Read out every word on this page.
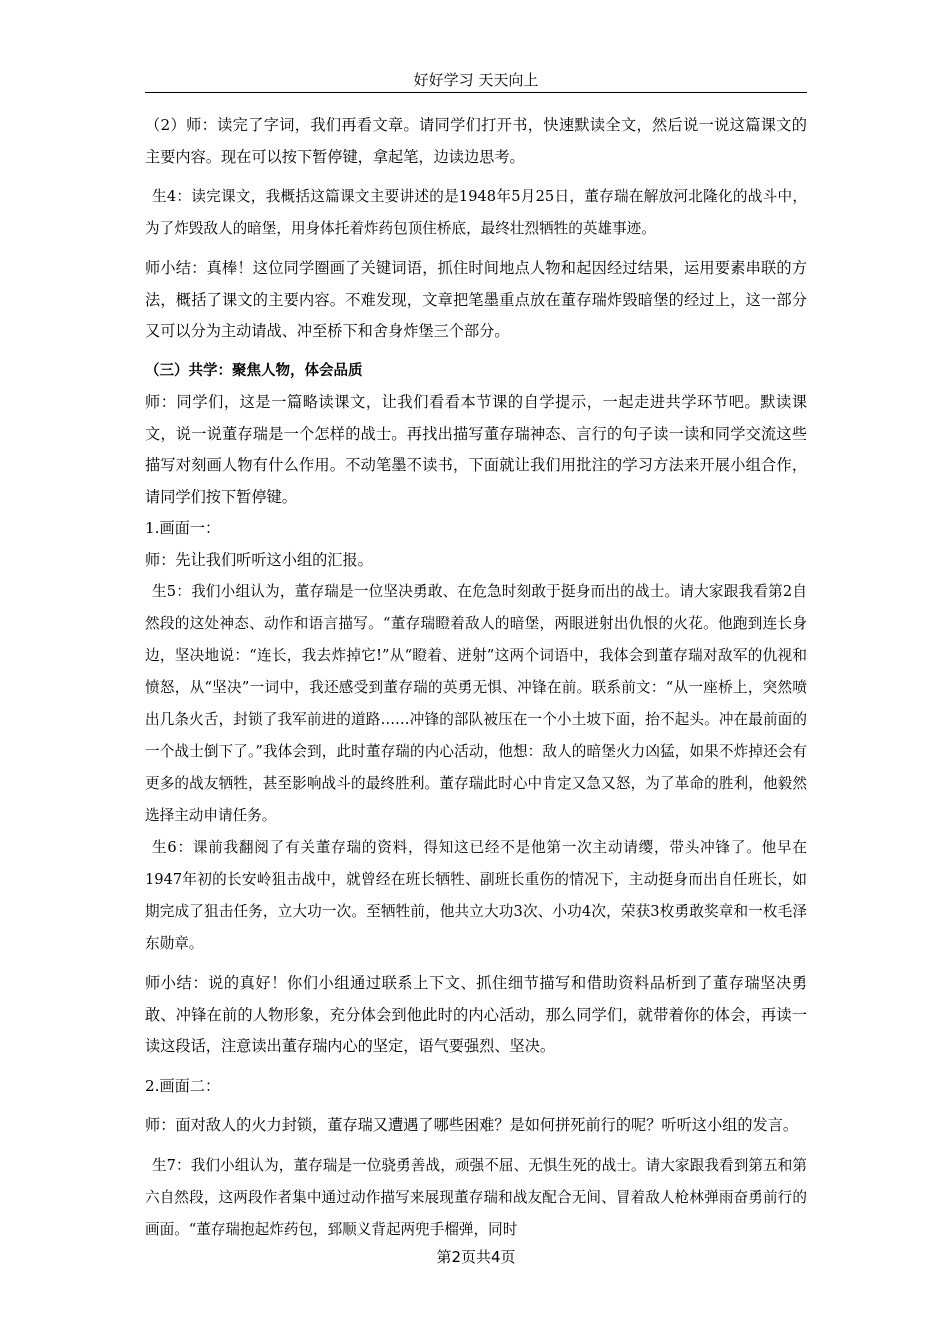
好好学习 天天向上

（2）师：读完了字词，我们再看文章。请同学们打开书，快速默读全文，然后说一说这篇课文的主要内容。现在可以按下暂停键，拿起笔，边读边思考。

生4：读完课文，我概括这篇课文主要讲述的是1948年5月25日，董存瑞在解放河北隆化的战斗中，为了炸毁敌人的暗堡，用身体托着炸药包顶住桥底，最终壮烈牺牲的英雄事迹。

师小结：真棒！这位同学圈画了关键词语，抓住时间地点人物和起因经过结果，运用要素串联的方法，概括了课文的主要内容。不难发现，文章把笔墨重点放在董存瑞炸毁暗堡的经过上，这一部分又可以分为主动请战、冲至桥下和舍身炸堡三个部分。

（三）共学：聚焦人物，体会品质

师：同学们，这是一篇略读课文，让我们看看本节课的自学提示，一起走进共学环节吧。默读课文，说一说董存瑞是一个怎样的战士。再找出描写董存瑞神态、言行的句子读一读和同学交流这些描写对刻画人物有什么作用。不动笔墨不读书，下面就让我们用批注的学习方法来开展小组合作，请同学们按下暂停键。

1.画面一：

师：先让我们听听这小组的汇报。

生5：我们小组认为，董存瑞是一位坚决勇敢、在危急时刻敢于挺身而出的战士。请大家跟我看第2自然段的这处神态、动作和语言描写。“董存瑞瞪着敌人的暗堡，两眼迸射出仇恨的火花。他跑到连长身边，坚决地说：“连长，我去炸掉它!”从“瞪着、迸射”这两个词语中，我体会到董存瑞对敌军的仇视和愤怒，从“坚决”一词中，我还感受到董存瑞的英勇无惧、冲锋在前。联系前文：“从一座桥上，突然喷出几条火舌，封锁了我军前进的道路……冲锋的部队被压在一个小土坡下面，抬不起头。冲在最前面的一个战士倒下了。”我体会到，此时董存瑞的内心活动，他想：敌人的暗堡火力凶猛，如果不炸掉还会有更多的战友牺牲，甚至影响战斗的最终胜利。董存瑞此时心中肯定又急又怒，为了革命的胜利，他毅然选择主动申请任务。

生6：课前我翻阅了有关董存瑞的资料，得知这已经不是他第一次主动请缨，带头冲锋了。他早在1947年初的长安岭狙击战中，就曾经在班长牺牲、副班长重伤的情况下，主动挺身而出自任班长，如期完成了狙击任务，立大功一次。至牺牲前，他共立大功3次、小功4次，荣获3枚勇敢奖章和一枚毛泽东勋章。

师小结：说的真好！你们小组通过联系上下文、抓住细节描写和借助资料品析到了董存瑞坚决勇敢、冲锋在前的人物形象，充分体会到他此时的内心活动，那么同学们，就带着你的体会，再读一读这段话，注意读出董存瑞内心的坚定，语气要强烈、坚决。

2.画面二：

师：面对敌人的火力封锁，董存瑞又遭遇了哪些困难？是如何拼死前行的呢？听听这小组的发言。

生7：我们小组认为，董存瑞是一位骁勇善战，顽强不屈、无惧生死的战士。请大家跟我看到第五和第六自然段，这两段作者集中通过动作描写来展现董存瑞和战友配合无间、冒着敌人枪林弹雨奋勇前行的画面。“董存瑞抱起炸药包，郅顺义背起两兜手榴弹，同时

第2页共4页
